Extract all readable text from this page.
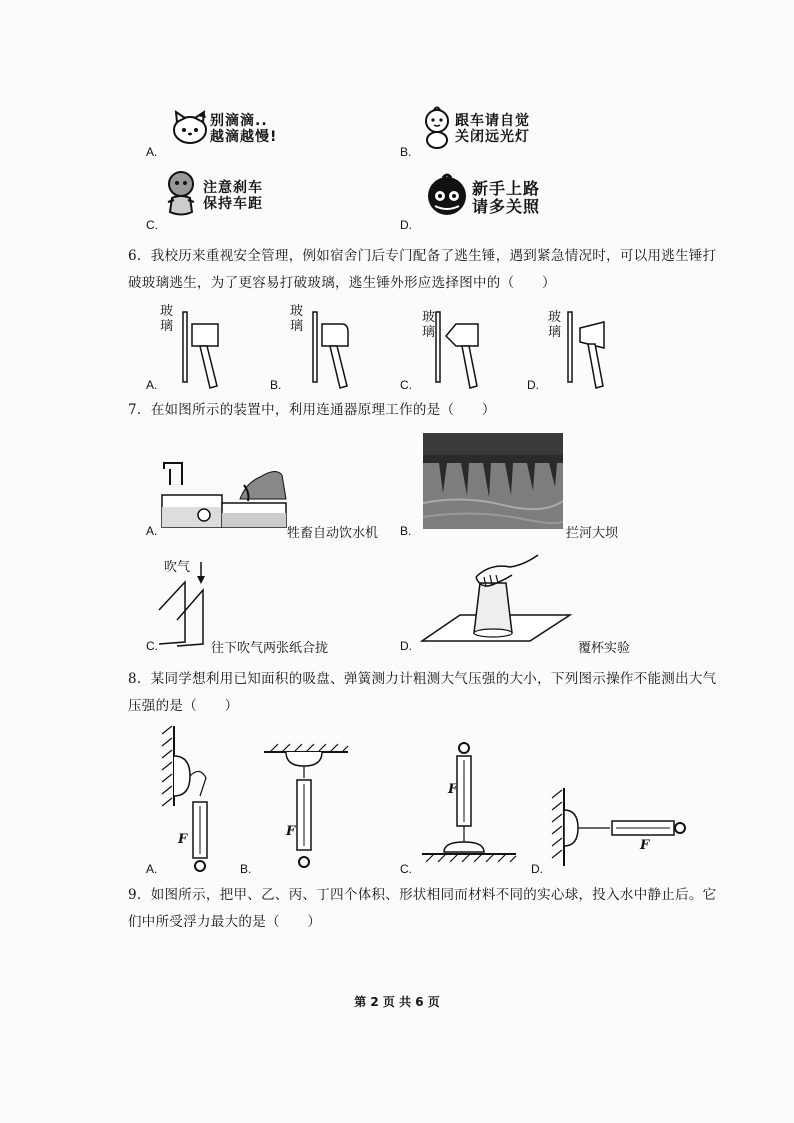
A.
别滴滴..
越滴越慢!
B.
跟车请自觉
关闭远光灯
C.
注意刹车
保持车距
D.
新手上路
请多关照
6．我校历来重视安全管理，例如宿舍门后专门配备了逃生锤，遇到紧急情况时，可以用逃生锤打破玻璃逃生，为了更容易打破玻璃，逃生锤外形应选择图中的（　　）
玻璃
A.
玻璃
B.
玻璃
C.
玻璃
D.
7．在如图所示的装置中，利用连通器原理工作的是（　　）
A.	牲畜自动饮水机 B.	拦河大坝
C.
吹气
往下吹气两张纸合拢	D.	覆杯实验
8．某同学想利用已知面积的吸盘、弹簧测力计粗测大气压强的大小，下列图示操作不能测出大气压强的是（　　）
A.
F
B.
F
C.
F
D.
F
9．如图所示，把甲、乙、丙、丁四个体积、形状相同而材料不同的实心球，投入水中静止后。它们中所受浮力最大的是（　　）
第 2 页 共 6 页
